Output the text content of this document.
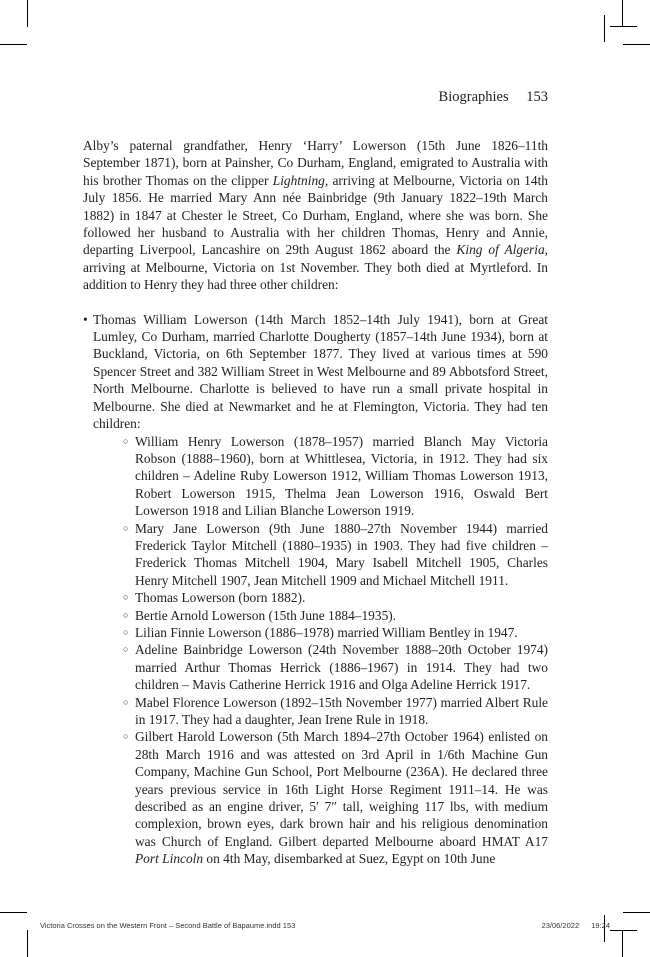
Biographies 153

Alby’s paternal grandfather, Henry ‘Harry’ Lowerson (15th June 1826–11th September 1871), born at Painsher, Co Durham, England, emigrated to Australia with his brother Thomas on the clipper Lightning, arriving at Melbourne, Victoria on 14th July 1856. He married Mary Ann née Bainbridge (9th January 1822–19th March 1882) in 1847 at Chester le Street, Co Durham, England, where she was born. She followed her husband to Australia with her children Thomas, Henry and Annie, departing Liverpool, Lancashire on 29th August 1862 aboard the King of Algeria, arriving at Melbourne, Victoria on 1st November. They both died at Myrtleford. In addition to Henry they had three other children:

• Thomas William Lowerson (14th March 1852–14th July 1941), born at Great Lumley, Co Durham, married Charlotte Dougherty (1857–14th June 1934), born at Buckland, Victoria, on 6th September 1877. They lived at various times at 590 Spencer Street and 382 William Street in West Melbourne and 89 Abbotsford Street, North Melbourne. Charlotte is believed to have run a small private hospital in Melbourne. She died at Newmarket and he at Flemington, Victoria. They had ten children:
○ William Henry Lowerson (1878–1957) married Blanch May Victoria Robson (1888–1960), born at Whittlesea, Victoria, in 1912. They had six children – Adeline Ruby Lowerson 1912, William Thomas Lowerson 1913, Robert Lowerson 1915, Thelma Jean Lowerson 1916, Oswald Bert Lowerson 1918 and Lilian Blanche Lowerson 1919.
○ Mary Jane Lowerson (9th June 1880–27th November 1944) married Frederick Taylor Mitchell (1880–1935) in 1903. They had five children – Frederick Thomas Mitchell 1904, Mary Isabell Mitchell 1905, Charles Henry Mitchell 1907, Jean Mitchell 1909 and Michael Mitchell 1911.
○ Thomas Lowerson (born 1882).
○ Bertie Arnold Lowerson (15th June 1884–1935).
○ Lilian Finnie Lowerson (1886–1978) married William Bentley in 1947.
○ Adeline Bainbridge Lowerson (24th November 1888–20th October 1974) married Arthur Thomas Herrick (1886–1967) in 1914. They had two children – Mavis Catherine Herrick 1916 and Olga Adeline Herrick 1917.
○ Mabel Florence Lowerson (1892–15th November 1977) married Albert Rule in 1917. They had a daughter, Jean Irene Rule in 1918.
○ Gilbert Harold Lowerson (5th March 1894–27th October 1964) enlisted on 28th March 1916 and was attested on 3rd April in 1/6th Machine Gun Company, Machine Gun School, Port Melbourne (236A). He declared three years previous service in 16th Light Horse Regiment 1911–14. He was described as an engine driver, 5′ 7″ tall, weighing 117 lbs, with medium complexion, brown eyes, dark brown hair and his religious denomination was Church of England. Gilbert departed Melbourne aboard HMAT A17 Port Lincoln on 4th May, disembarked at Suez, Egypt on 10th June
Victoria Crosses on the Western Front – Second Battle of Bapaume.indd 153	23/06/2022 19:24
